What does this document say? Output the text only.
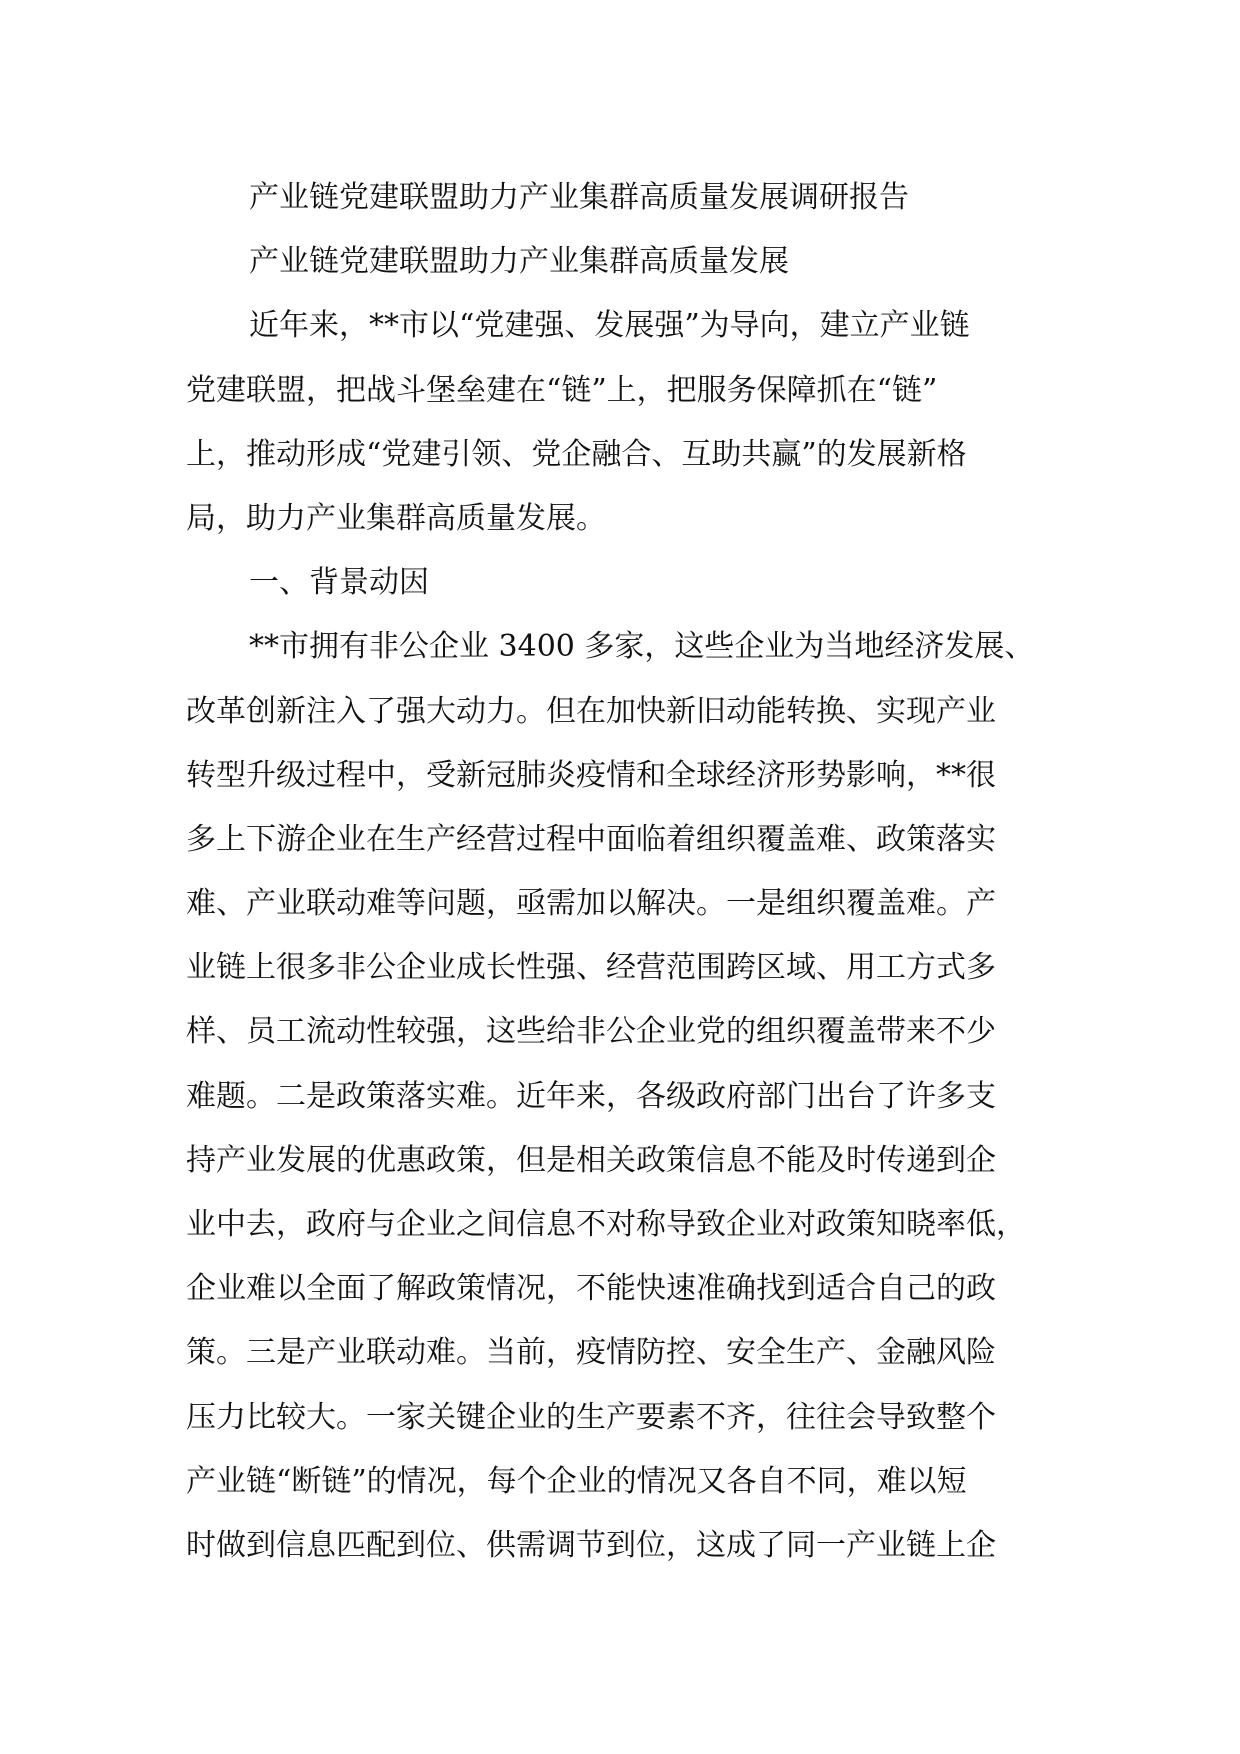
产业链党建联盟助力产业集群高质量发展调研报告
产业链党建联盟助力产业集群高质量发展
近年来，**市以“党建强、发展强”为导向，建立产业链
党建联盟，把战斗堡垒建在“链”上，把服务保障抓在“链”
上，推动形成“党建引领、党企融合、互助共赢”的发展新格
局，助力产业集群高质量发展。
一、背景动因
**市拥有非公企业 3400 多家，这些企业为当地经济发展、
改革创新注入了强大动力。但在加快新旧动能转换、实现产业
转型升级过程中，受新冠肺炎疫情和全球经济形势影响，**很
多上下游企业在生产经营过程中面临着组织覆盖难、政策落实
难、产业联动难等问题，亟需加以解决。一是组织覆盖难。产
业链上很多非公企业成长性强、经营范围跨区域、用工方式多
样、员工流动性较强，这些给非公企业党的组织覆盖带来不少
难题。二是政策落实难。近年来，各级政府部门出台了许多支
持产业发展的优惠政策，但是相关政策信息不能及时传递到企
业中去，政府与企业之间信息不对称导致企业对政策知晓率低，
企业难以全面了解政策情况，不能快速准确找到适合自己的政
策。三是产业联动难。当前，疫情防控、安全生产、金融风险
压力比较大。一家关键企业的生产要素不齐，往往会导致整个
产业链“断链”的情况，每个企业的情况又各自不同，难以短
时做到信息匹配到位、供需调节到位，这成了同一产业链上企
